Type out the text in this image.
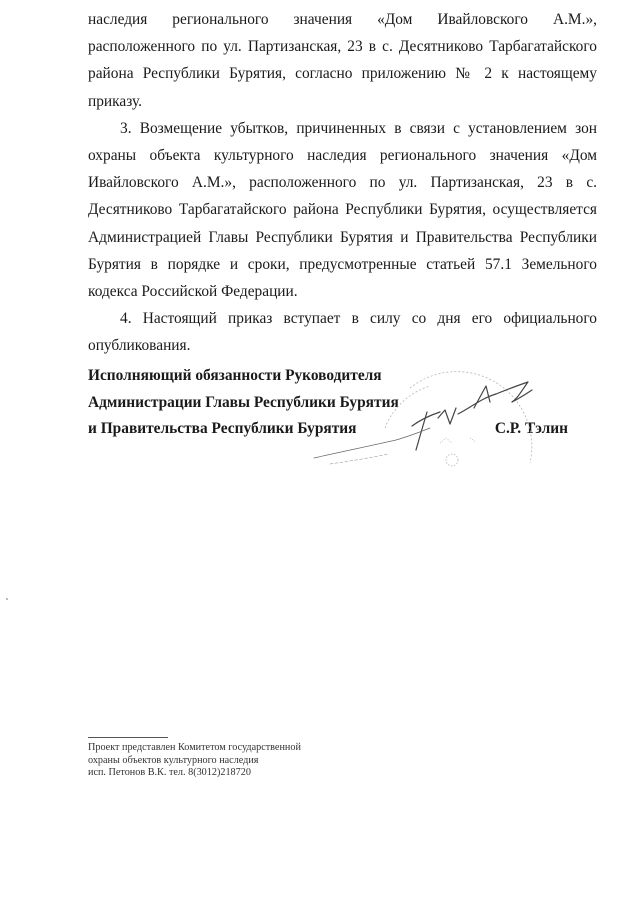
наследия регионального значения «Дом Ивайловского А.М.», расположенного по ул. Партизанская, 23 в с. Десятниково Тарбагатайского района Республики Бурятия, согласно приложению № 2 к настоящему приказу.

3. Возмещение убытков, причиненных в связи с установлением зон охраны объекта культурного наследия регионального значения «Дом Ивайловского А.М.», расположенного по ул. Партизанская, 23 в с. Десятниково Тарбагатайского района Республики Бурятия, осуществляется Администрацией Главы Республики Бурятия и Правительства Республики Бурятия в порядке и сроки, предусмотренные статьей 57.1 Земельного кодекса Российской Федерации.

4. Настоящий приказ вступает в силу со дня его официального опубликования.

Исполняющий обязанности Руководителя
Администрации Главы Республики Бурятия
и Правительства Республики Бурятия	С.Р. Тэлин
Проект представлен Комитетом государственной
охраны объектов культурного наследия
исп. Петонов В.К. тел. 8(3012)218720
